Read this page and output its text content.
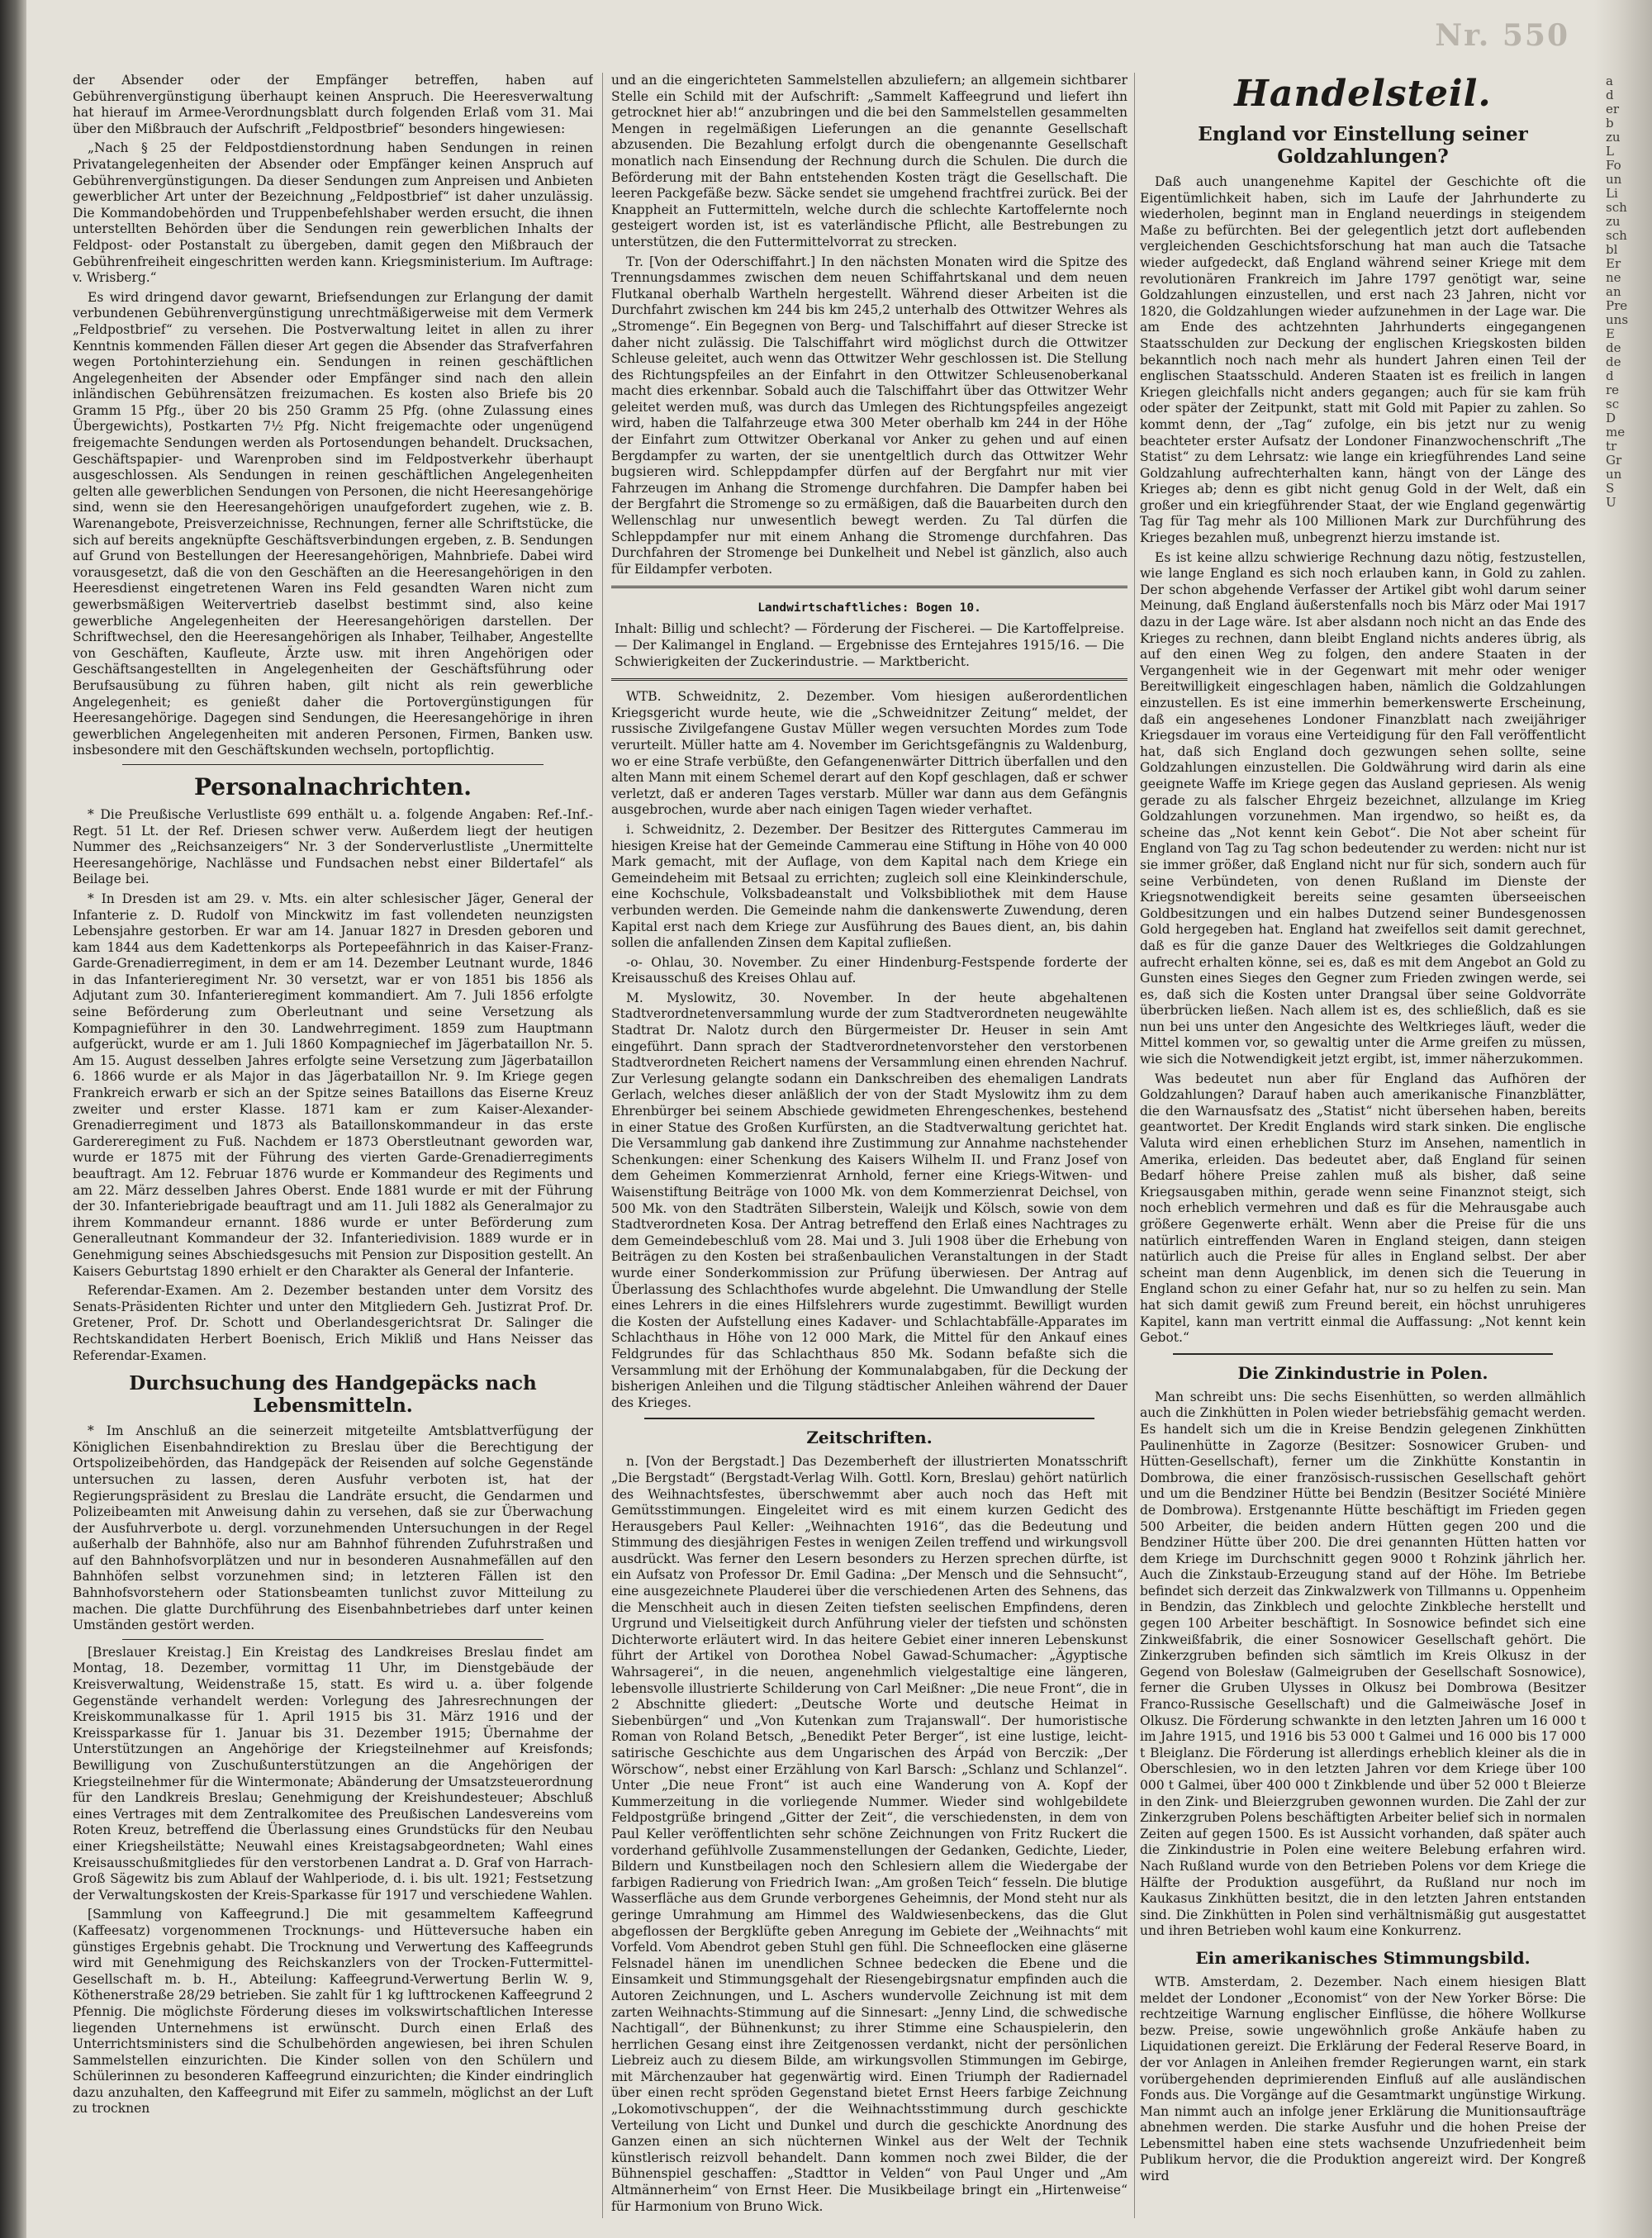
Nr. 550
a
d
er
b
zu
L
Fo
un
Li
sch
zu
sch
bl
Er
ne
an
Pre
uns
E
de
de
d
re
sc
D
me
tr
Gr
un
S
U

der Absender oder der Empfänger betreffen, haben auf Gebührenvergünstigung überhaupt keinen Anspruch. Die Heeresverwaltung hat hierauf im Armee-Verordnungsblatt durch folgenden Erlaß vom 31. Mai über den Mißbrauch der Aufschrift „Feldpostbrief“ besonders hingewiesen:

„Nach § 25 der Feldpostdienstordnung haben Sendungen in reinen Privatangelegenheiten der Absender oder Empfänger keinen Anspruch auf Gebührenvergünstigungen. Da dieser Sendungen zum Anpreisen und Anbieten gewerblicher Art unter der Bezeichnung „Feldpostbrief“ ist daher unzulässig. Die Kommandobehörden und Truppenbefehlshaber werden ersucht, die ihnen unterstellten Behörden über die Sendungen rein gewerblichen Inhalts der Feldpost- oder Postanstalt zu übergeben, damit gegen den Mißbrauch der Gebührenfreiheit eingeschritten werden kann. Kriegsministerium. Im Auftrage: v. Wrisberg.“

Es wird dringend davor gewarnt, Briefsendungen zur Erlangung der damit verbundenen Gebührenvergünstigung unrechtmäßigerweise mit dem Vermerk „Feldpostbrief“ zu versehen. Die Postverwaltung leitet in allen zu ihrer Kenntnis kommenden Fällen dieser Art gegen die Absender das Strafverfahren wegen Portohinterziehung ein. Sendungen in reinen geschäftlichen Angelegenheiten der Absender oder Empfänger sind nach den allein inländischen Gebührensätzen freizumachen. Es kosten also Briefe bis 20 Gramm 15 Pfg., über 20 bis 250 Gramm 25 Pfg. (ohne Zulassung eines Übergewichts), Postkarten 7½ Pfg. Nicht freigemachte oder ungenügend freigemachte Sendungen werden als Portosendungen behandelt. Drucksachen, Geschäftspapier- und Warenproben sind im Feldpostverkehr überhaupt ausgeschlossen. Als Sendungen in reinen geschäftlichen Angelegenheiten gelten alle gewerblichen Sendungen von Personen, die nicht Heeresangehörige sind, wenn sie den Heeresangehörigen unaufgefordert zugehen, wie z. B. Warenangebote, Preisverzeichnisse, Rechnungen, ferner alle Schriftstücke, die sich auf bereits angeknüpfte Geschäftsverbindungen ergeben, z. B. Sendungen auf Grund von Bestellungen der Heeresangehörigen, Mahnbriefe. Dabei wird vorausgesetzt, daß die von den Geschäften an die Heeresangehörigen in den Heeresdienst eingetretenen Waren ins Feld gesandten Waren nicht zum gewerbsmäßigen Weitervertrieb daselbst bestimmt sind, also keine gewerbliche Angelegenheiten der Heeresangehörigen darstellen. Der Schriftwechsel, den die Heeresangehörigen als Inhaber, Teilhaber, Angestellte von Geschäften, Kaufleute, Ärzte usw. mit ihren Angehörigen oder Geschäftsangestellten in Angelegenheiten der Geschäftsführung oder Berufsausübung zu führen haben, gilt nicht als rein gewerbliche Angelegenheit; es genießt daher die Portovergünstigungen für Heeresangehörige. Dagegen sind Sendungen, die Heeresangehörige in ihren gewerblichen Angelegenheiten mit anderen Personen, Firmen, Banken usw. insbesondere mit den Geschäftskunden wechseln, portopflichtig.

Personalnachrichten.

* Die Preußische Verlustliste 699 enthält u. a. folgende Angaben: Ref.-Inf.-Regt. 51 Lt. der Ref. Driesen schwer verw. Außerdem liegt der heutigen Nummer des „Reichsanzeigers“ Nr. 3 der Sonderverlustliste „Unermittelte Heeresangehörige, Nachlässe und Fundsachen nebst einer Bildertafel“ als Beilage bei.

* In Dresden ist am 29. v. Mts. ein alter schlesischer Jäger, General der Infanterie z. D. Rudolf von Minckwitz im fast vollendeten neunzigsten Lebensjahre gestorben. Er war am 14. Januar 1827 in Dresden geboren und kam 1844 aus dem Kadettenkorps als Portepeefähnrich in das Kaiser-Franz-Garde-Grenadierregiment, in dem er am 14. Dezember Leutnant wurde, 1846 in das Infanterieregiment Nr. 30 versetzt, war er von 1851 bis 1856 als Adjutant zum 30. Infanterieregiment kommandiert. Am 7. Juli 1856 erfolgte seine Beförderung zum Oberleutnant und seine Versetzung als Kompagnieführer in den 30. Landwehrregiment. 1859 zum Hauptmann aufgerückt, wurde er am 1. Juli 1860 Kompagniechef im Jägerbataillon Nr. 5. Am 15. August desselben Jahres erfolgte seine Versetzung zum Jägerbataillon 6. 1866 wurde er als Major in das Jägerbataillon Nr. 9. Im Kriege gegen Frankreich erwarb er sich an der Spitze seines Bataillons das Eiserne Kreuz zweiter und erster Klasse. 1871 kam er zum Kaiser-Alexander-Grenadierregiment und 1873 als Bataillonskommandeur in das erste Gardereregiment zu Fuß. Nachdem er 1873 Oberstleutnant geworden war, wurde er 1875 mit der Führung des vierten Garde-Grenadierregiments beauftragt. Am 12. Februar 1876 wurde er Kommandeur des Regiments und am 22. März desselben Jahres Oberst. Ende 1881 wurde er mit der Führung der 30. Infanteriebrigade beauftragt und am 11. Juli 1882 als Generalmajor zu ihrem Kommandeur ernannt. 1886 wurde er unter Beförderung zum Generalleutnant Kommandeur der 32. Infanteriedivision. 1889 wurde er in Genehmigung seines Abschiedsgesuchs mit Pension zur Disposition gestellt. An Kaisers Geburtstag 1890 erhielt er den Charakter als General der Infanterie.

Referendar-Examen. Am 2. Dezember bestanden unter dem Vorsitz des Senats-Präsidenten Richter und unter den Mitgliedern Geh. Justizrat Prof. Dr. Gretener, Prof. Dr. Schott und Oberlandesgerichtsrat Dr. Salinger die Rechtskandidaten Herbert Boenisch, Erich Mikliß und Hans Neisser das Referendar-Examen.

Durchsuchung des Handgepäcks nach Lebensmitteln.

* Im Anschluß an die seinerzeit mitgeteilte Amtsblattverfügung der Königlichen Eisenbahndirektion zu Breslau über die Berechtigung der Ortspolizeibehörden, das Handgepäck der Reisenden auf solche Gegenstände untersuchen zu lassen, deren Ausfuhr verboten ist, hat der Regierungspräsident zu Breslau die Landräte ersucht, die Gendarmen und Polizeibeamten mit Anweisung dahin zu versehen, daß sie zur Überwachung der Ausfuhrverbote u. dergl. vorzunehmenden Untersuchungen in der Regel außerhalb der Bahnhöfe, also nur am Bahnhof führenden Zufuhrstraßen und auf den Bahnhofsvorplätzen und nur in besonderen Ausnahmefällen auf den Bahnhöfen selbst vorzunehmen sind; in letzteren Fällen ist den Bahnhofsvorstehern oder Stationsbeamten tunlichst zuvor Mitteilung zu machen. Die glatte Durchführung des Eisenbahnbetriebes darf unter keinen Umständen gestört werden.

[Breslauer Kreistag.] Ein Kreistag des Landkreises Breslau findet am Montag, 18. Dezember, vormittag 11 Uhr, im Dienstgebäude der Kreisverwaltung, Weidenstraße 15, statt. Es wird u. a. über folgende Gegenstände verhandelt werden: Vorlegung des Jahresrechnungen der Kreiskommunalkasse für 1. April 1915 bis 31. März 1916 und der Kreissparkasse für 1. Januar bis 31. Dezember 1915; Übernahme der Unterstützungen an Angehörige der Kriegsteilnehmer auf Kreisfonds; Bewilligung von Zuschußunterstützungen an die Angehörigen der Kriegsteilnehmer für die Wintermonate; Abänderung der Umsatzsteuerordnung für den Landkreis Breslau; Genehmigung der Kreishundesteuer; Abschluß eines Vertrages mit dem Zentralkomitee des Preußischen Landesvereins vom Roten Kreuz, betreffend die Überlassung eines Grundstücks für den Neubau einer Kriegsheilstätte; Neuwahl eines Kreistagsabgeordneten; Wahl eines Kreisausschußmitgliedes für den verstorbenen Landrat a. D. Graf von Harrach-Groß Sägewitz bis zum Ablauf der Wahlperiode, d. i. bis ult. 1921; Festsetzung der Verwaltungskosten der Kreis-Sparkasse für 1917 und verschiedene Wahlen.

[Sammlung von Kaffeegrund.] Die mit gesammeltem Kaffeegrund (Kaffeesatz) vorgenommenen Trocknungs- und Hütteversuche haben ein günstiges Ergebnis gehabt. Die Trocknung und Verwertung des Kaffeegrunds wird mit Genehmigung des Reichskanzlers von der Trocken-Futtermittel-Gesellschaft m. b. H., Abteilung: Kaffeegrund-Verwertung Berlin W. 9, Köthenerstraße 28/29 betrieben. Sie zahlt für 1 kg lufttrockenen Kaffeegrund 2 Pfennig. Die möglichste Förderung dieses im volkswirtschaftlichen Interesse liegenden Unternehmens ist erwünscht. Durch einen Erlaß des Unterrichtsministers sind die Schulbehörden angewiesen, bei ihren Schulen Sammelstellen einzurichten. Die Kinder sollen von den Schülern und Schülerinnen zu besonderen Kaffeegrund einzurichten; die Kinder eindringlich dazu anzuhalten, den Kaffeegrund mit Eifer zu sammeln, möglichst an der Luft zu trocknen

und an die eingerichteten Sammelstellen abzuliefern; an allgemein sichtbarer Stelle ein Schild mit der Aufschrift: „Sammelt Kaffeegrund und liefert ihn getrocknet hier ab!“ anzubringen und die bei den Sammelstellen gesammelten Mengen in regelmäßigen Lieferungen an die genannte Gesellschaft abzusenden. Die Bezahlung erfolgt durch die obengenannte Gesellschaft monatlich nach Einsendung der Rechnung durch die Schulen. Die durch die Beförderung mit der Bahn entstehenden Kosten trägt die Gesellschaft. Die leeren Packgefäße bezw. Säcke sendet sie umgehend frachtfrei zurück. Bei der Knappheit an Futtermitteln, welche durch die schlechte Kartoffelernte noch gesteigert worden ist, ist es vaterländische Pflicht, alle Bestrebungen zu unterstützen, die den Futtermittelvorrat zu strecken.

Tr. [Von der Oderschiffahrt.] In den nächsten Monaten wird die Spitze des Trennungsdammes zwischen dem neuen Schiffahrtskanal und dem neuen Flutkanal oberhalb Wartheln hergestellt. Während dieser Arbeiten ist die Durchfahrt zwischen km 244 bis km 245,2 unterhalb des Ottwitzer Wehres als „Stromenge“. Ein Begegnen von Berg- und Talschiffahrt auf dieser Strecke ist daher nicht zulässig. Die Talschiffahrt wird möglichst durch die Ottwitzer Schleuse geleitet, auch wenn das Ottwitzer Wehr geschlossen ist. Die Stellung des Richtungspfeiles an der Einfahrt in den Ottwitzer Schleusenoberkanal macht dies erkennbar. Sobald auch die Talschiffahrt über das Ottwitzer Wehr geleitet werden muß, was durch das Umlegen des Richtungspfeiles angezeigt wird, haben die Talfahrzeuge etwa 300 Meter oberhalb km 244 in der Höhe der Einfahrt zum Ottwitzer Oberkanal vor Anker zu gehen und auf einen Bergdampfer zu warten, der sie unentgeltlich durch das Ottwitzer Wehr bugsieren wird. Schleppdampfer dürfen auf der Bergfahrt nur mit vier Fahrzeugen im Anhang die Stromenge durchfahren. Die Dampfer haben bei der Bergfahrt die Stromenge so zu ermäßigen, daß die Bauarbeiten durch den Wellenschlag nur unwesentlich bewegt werden. Zu Tal dürfen die Schleppdampfer nur mit einem Anhang die Stromenge durchfahren. Das Durchfahren der Stromenge bei Dunkelheit und Nebel ist gänzlich, also auch für Eildampfer verboten.

Landwirtschaftliches: Bogen 10.

Inhalt: Billig und schlecht? — Förderung der Fischerei. — Die Kartoffelpreise. — Der Kalimangel in England. — Ergebnisse des Erntejahres 1915/16. — Die Schwierigkeiten der Zuckerindustrie. — Marktbericht.

WTB. Schweidnitz, 2. Dezember. Vom hiesigen außerordentlichen Kriegsgericht wurde heute, wie die „Schweidnitzer Zeitung“ meldet, der russische Zivilgefangene Gustav Müller wegen versuchten Mordes zum Tode verurteilt. Müller hatte am 4. November im Gerichtsgefängnis zu Waldenburg, wo er eine Strafe verbüßte, den Gefangenenwärter Dittrich überfallen und den alten Mann mit einem Schemel derart auf den Kopf geschlagen, daß er schwer verletzt, daß er anderen Tages verstarb. Müller war dann aus dem Gefängnis ausgebrochen, wurde aber nach einigen Tagen wieder verhaftet.

i. Schweidnitz, 2. Dezember. Der Besitzer des Rittergutes Cammerau im hiesigen Kreise hat der Gemeinde Cammerau eine Stiftung in Höhe von 40 000 Mark gemacht, mit der Auflage, von dem Kapital nach dem Kriege ein Gemeindeheim mit Betsaal zu errichten; zugleich soll eine Kleinkinderschule, eine Kochschule, Volksbadeanstalt und Volksbibliothek mit dem Hause verbunden werden. Die Gemeinde nahm die dankenswerte Zuwendung, deren Kapital erst nach dem Kriege zur Ausführung des Baues dient, an, bis dahin sollen die anfallenden Zinsen dem Kapital zufließen.

-o- Ohlau, 30. November. Zu einer Hindenburg-Festspende forderte der Kreisausschuß des Kreises Ohlau auf.

M. Myslowitz, 30. November. In der heute abgehaltenen Stadtverordnetenversammlung wurde der zum Stadtverordneten neugewählte Stadtrat Dr. Nalotz durch den Bürgermeister Dr. Heuser in sein Amt eingeführt. Dann sprach der Stadtverordnetenvorsteher den verstorbenen Stadtverordneten Reichert namens der Versammlung einen ehrenden Nachruf. Zur Verlesung gelangte sodann ein Dankschreiben des ehemaligen Landrats Gerlach, welches dieser anläßlich der von der Stadt Myslowitz ihm zu dem Ehrenbürger bei seinem Abschiede gewidmeten Ehrengeschenkes, bestehend in einer Statue des Großen Kurfürsten, an die Stadtverwaltung gerichtet hat. Die Versammlung gab dankend ihre Zustimmung zur Annahme nachstehender Schenkungen: einer Schenkung des Kaisers Wilhelm II. und Franz Josef von dem Geheimen Kommerzienrat Arnhold, ferner eine Kriegs-Witwen- und Waisenstiftung Beiträge von 1000 Mk. von dem Kommerzienrat Deichsel, von 500 Mk. von den Stadträten Silberstein, Waleijk und Kölsch, sowie von dem Stadtverordneten Kosa. Der Antrag betreffend den Erlaß eines Nachtrages zu dem Gemeindebeschluß vom 28. Mai und 3. Juli 1908 über die Erhebung von Beiträgen zu den Kosten bei straßenbaulichen Veranstaltungen in der Stadt wurde einer Sonderkommission zur Prüfung überwiesen. Der Antrag auf Überlassung des Schlachthofes wurde abgelehnt. Die Umwandlung der Stelle eines Lehrers in die eines Hilfslehrers wurde zugestimmt. Bewilligt wurden die Kosten der Aufstellung eines Kadaver- und Schlachtabfälle-Apparates im Schlachthaus in Höhe von 12 000 Mark, die Mittel für den Ankauf eines Feldgrundes für das Schlachthaus 850 Mk. Sodann befaßte sich die Versammlung mit der Erhöhung der Kommunalabgaben, für die Deckung der bisherigen Anleihen und die Tilgung städtischer Anleihen während der Dauer des Krieges.

Zeitschriften.

n. [Von der Bergstadt.] Das Dezemberheft der illustrierten Monatsschrift „Die Bergstadt“ (Bergstadt-Verlag Wilh. Gottl. Korn, Breslau) gehört natürlich des Weihnachtsfestes, überschwemmt aber auch noch das Heft mit Gemütsstimmungen. Eingeleitet wird es mit einem kurzen Gedicht des Herausgebers Paul Keller: „Weihnachten 1916“, das die Bedeutung und Stimmung des diesjährigen Festes in wenigen Zeilen treffend und wirkungsvoll ausdrückt. Was ferner den Lesern besonders zu Herzen sprechen dürfte, ist ein Aufsatz von Professor Dr. Emil Gadina: „Der Mensch und die Sehnsucht“, eine ausgezeichnete Plauderei über die verschiedenen Arten des Sehnens, das die Menschheit auch in diesen Zeiten tiefsten seelischen Empfindens, deren Urgrund und Vielseitigkeit durch Anführung vieler der tiefsten und schönsten Dichterworte erläutert wird. In das heitere Gebiet einer inneren Lebenskunst führt der Artikel von Dorothea Nobel Gawad-Schumacher: „Ägyptische Wahrsagerei“, in die neuen, angenehmlich vielgestaltige eine längeren, lebensvolle illustrierte Schilderung von Carl Meißner: „Die neue Front“, die in 2 Abschnitte gliedert: „Deutsche Worte und deutsche Heimat in Siebenbürgen“ und „Von Kutenkan zum Trajanswall“. Der humoristische Roman von Roland Betsch, „Benedikt Peter Berger“, ist eine lustige, leicht-satirische Geschichte aus dem Ungarischen des Árpád von Berczik: „Der Wörschow“, nebst einer Erzählung von Karl Barsch: „Schlanz und Schlanzel“. Unter „Die neue Front“ ist auch eine Wanderung von A. Kopf der Kummerzeitung in die vorliegende Nummer. Wieder sind wohlgebildete Feldpostgrüße bringend „Gitter der Zeit“, die verschiedensten, in dem von Paul Keller veröffentlichten sehr schöne Zeichnungen von Fritz Ruckert die vorderhand gefühlvolle Zusammenstellungen der Gedanken, Gedichte, Lieder, Bildern und Kunstbeilagen noch den Schlesiern allem die Wiedergabe der farbigen Radierung von Friedrich Iwan: „Am großen Teich“ fesseln. Die blutige Wasserfläche aus dem Grunde verborgenes Geheimnis, der Mond steht nur als geringe Umrahmung am Himmel des Waldwiesenbeckens, das die Glut abgeflossen der Bergklüfte geben Anregung im Gebiete der „Weihnachts“ mit Vorfeld. Vom Abendrot geben Stuhl gen fühl. Die Schneeflocken eine gläserne Felsnadel hänen im unendlichen Schnee bedecken die Ebene und die Einsamkeit und Stimmungsgehalt der Riesengebirgsnatur empfinden auch die Autoren Zeichnungen, und L. Aschers wundervolle Zeichnung ist mit dem zarten Weihnachts-Stimmung auf die Sinnesart: „Jenny Lind, die schwedische Nachtigall“, der Bühnenkunst; zu ihrer Stimme eine Schauspielerin, den herrlichen Gesang einst ihre Zeitgenossen verdankt, nicht der persönlichen Liebreiz auch zu diesem Bilde, am wirkungsvollen Stimmungen im Gebirge, mit Märchenzauber hat gegenwärtig wird. Einen Triumph der Radiernadel über einen recht spröden Gegenstand bietet Ernst Heers farbige Zeichnung „Lokomotivschuppen“, der die Weihnachtsstimmung durch geschickte Verteilung von Licht und Dunkel und durch die geschickte Anordnung des Ganzen einen an sich nüchternen Winkel aus der Welt der Technik künstlerisch reizvoll behandelt. Dann kommen noch zwei Bilder, die der Bühnenspiel geschaffen: „Stadttor in Velden“ von Paul Unger und „Am Altmännerheim“ von Ernst Heer. Die Musikbeilage bringt ein „Hirtenweise“ für Harmonium von Bruno Wick.

Handelsteil.
England vor Einstellung seiner Goldzahlungen?

Daß auch unangenehme Kapitel der Geschichte oft die Eigentümlichkeit haben, sich im Laufe der Jahrhunderte zu wiederholen, beginnt man in England neuerdings in steigendem Maße zu befürchten. Bei der gelegentlich jetzt dort auflebenden vergleichenden Geschichtsforschung hat man auch die Tatsache wieder aufgedeckt, daß England während seiner Kriege mit dem revolutionären Frankreich im Jahre 1797 genötigt war, seine Goldzahlungen einzustellen, und erst nach 23 Jahren, nicht vor 1820, die Goldzahlungen wieder aufzunehmen in der Lage war. Die am Ende des achtzehnten Jahrhunderts eingegangenen Staatsschulden zur Deckung der englischen Kriegskosten bilden bekanntlich noch nach mehr als hundert Jahren einen Teil der englischen Staatsschuld. Anderen Staaten ist es freilich in langen Kriegen gleichfalls nicht anders gegangen; auch für sie kam früh oder später der Zeitpunkt, statt mit Gold mit Papier zu zahlen. So kommt denn, der „Tag“ zufolge, ein bis jetzt nur zu wenig beachteter erster Aufsatz der Londoner Finanzwochenschrift „The Statist“ zu dem Lehrsatz: wie lange ein kriegführendes Land seine Goldzahlung aufrechterhalten kann, hängt von der Länge des Krieges ab; denn es gibt nicht genug Gold in der Welt, daß ein großer und ein kriegführender Staat, der wie England gegenwärtig Tag für Tag mehr als 100 Millionen Mark zur Durchführung des Krieges bezahlen muß, unbegrenzt hierzu imstande ist.

Es ist keine allzu schwierige Rechnung dazu nötig, festzustellen, wie lange England es sich noch erlauben kann, in Gold zu zahlen. Der schon abgehende Verfasser der Artikel gibt wohl darum seiner Meinung, daß England äußerstenfalls noch bis März oder Mai 1917 dazu in der Lage wäre. Ist aber alsdann noch nicht an das Ende des Krieges zu rechnen, dann bleibt England nichts anderes übrig, als auf den einen Weg zu folgen, den andere Staaten in der Vergangenheit wie in der Gegenwart mit mehr oder weniger Bereitwilligkeit eingeschlagen haben, nämlich die Goldzahlungen einzustellen. Es ist eine immerhin bemerkenswerte Erscheinung, daß ein angesehenes Londoner Finanzblatt nach zweijähriger Kriegsdauer im voraus eine Verteidigung für den Fall veröffentlicht hat, daß sich England doch gezwungen sehen sollte, seine Goldzahlungen einzustellen. Die Goldwährung wird darin als eine geeignete Waffe im Kriege gegen das Ausland gepriesen. Als wenig gerade zu als falscher Ehrgeiz bezeichnet, allzulange im Krieg Goldzahlungen vorzunehmen. Man irgendwo, so heißt es, da scheine das „Not kennt kein Gebot“. Die Not aber scheint für England von Tag zu Tag schon bedeutender zu werden: nicht nur ist sie immer größer, daß England nicht nur für sich, sondern auch für seine Verbündeten, von denen Rußland im Dienste der Kriegsnotwendigkeit bereits seine gesamten überseeischen Goldbesitzungen und ein halbes Dutzend seiner Bundesgenossen Gold hergegeben hat. England hat zweifellos seit damit gerechnet, daß es für die ganze Dauer des Weltkrieges die Goldzahlungen aufrecht erhalten könne, sei es, daß es mit dem Angebot an Gold zu Gunsten eines Sieges den Gegner zum Frieden zwingen werde, sei es, daß sich die Kosten unter Drangsal über seine Goldvorräte überbrücken ließen. Nach allem ist es, des schließlich, daß es sie nun bei uns unter den Angesichte des Weltkrieges läuft, weder die Mittel kommen vor, so gewaltig unter die Arme greifen zu müssen, wie sich die Notwendigkeit jetzt ergibt, ist, immer näherzukommen.

Was bedeutet nun aber für England das Aufhören der Goldzahlungen? Darauf haben auch amerikanische Finanzblätter, die den Warnausfsatz des „Statist“ nicht übersehen haben, bereits geantwortet. Der Kredit Englands wird stark sinken. Die englische Valuta wird einen erheblichen Sturz im Ansehen, namentlich in Amerika, erleiden. Das bedeutet aber, daß England für seinen Bedarf höhere Preise zahlen muß als bisher, daß seine Kriegsausgaben mithin, gerade wenn seine Finanznot steigt, sich noch erheblich vermehren und daß es für die Mehrausgabe auch größere Gegenwerte erhält. Wenn aber die Preise für die uns natürlich eintreffenden Waren in England steigen, dann steigen natürlich auch die Preise für alles in England selbst. Der aber scheint man denn Augenblick, im denen sich die Teuerung in England schon zu einer Gefahr hat, nur so zu helfen zu sein. Man hat sich damit gewiß zum Freund bereit, ein höchst unruhigeres Kapitel, kann man vertritt einmal die Auffassung: „Not kennt kein Gebot.“

Die Zinkindustrie in Polen.

Man schreibt uns: Die sechs Eisenhütten, so werden allmählich auch die Zinkhütten in Polen wieder betriebsfähig gemacht werden. Es handelt sich um die in Kreise Bendzin gelegenen Zinkhütten Paulinenhütte in Zagorze (Besitzer: Sosnowicer Gruben- und Hütten-Gesellschaft), ferner um die Zinkhütte Konstantin in Dombrowa, die einer französisch-russischen Gesellschaft gehört und um die Bendziner Hütte bei Bendzin (Besitzer Société Minière de Dombrowa). Erstgenannte Hütte beschäftigt im Frieden gegen 500 Arbeiter, die beiden andern Hütten gegen 200 und die Bendziner Hütte über 200. Die drei genannten Hütten hatten vor dem Kriege im Durchschnitt gegen 9000 t Rohzink jährlich her. Auch die Zinkstaub-Erzeugung stand auf der Höhe. Im Betriebe befindet sich derzeit das Zinkwalzwerk von Tillmanns u. Oppenheim in Bendzin, das Zinkblech und gelochte Zinkbleche herstellt und gegen 100 Arbeiter beschäftigt. In Sosnowice befindet sich eine Zinkweißfabrik, die einer Sosnowicer Gesellschaft gehört. Die Zinkerzgruben befinden sich sämtlich im Kreis Olkusz in der Gegend von Bolesław (Galmeigruben der Gesellschaft Sosnowice), ferner die Gruben Ulysses in Olkusz bei Dombrowa (Besitzer Franco-Russische Gesellschaft) und die Galmeiwäsche Josef in Olkusz. Die Förderung schwankte in den letzten Jahren um 16 000 t im Jahre 1915, und 1916 bis 53 000 t Galmei und 16 000 bis 17 000 t Bleiglanz. Die Förderung ist allerdings erheblich kleiner als die in Oberschlesien, wo in den letzten Jahren vor dem Kriege über 100 000 t Galmei, über 400 000 t Zinkblende und über 52 000 t Bleierze in den Zink- und Bleierzgruben gewonnen wurden. Die Zahl der zur Zinkerzgruben Polens beschäftigten Arbeiter belief sich in normalen Zeiten auf gegen 1500. Es ist Aussicht vorhanden, daß später auch die Zinkindustrie in Polen eine weitere Belebung erfahren wird. Nach Rußland wurde von den Betrieben Polens vor dem Kriege die Hälfte der Produktion ausgeführt, da Rußland nur noch im Kaukasus Zinkhütten besitzt, die in den letzten Jahren entstanden sind. Die Zinkhütten in Polen sind verhältnismäßig gut ausgestattet und ihren Betrieben wohl kaum eine Konkurrenz.

Ein amerikanisches Stimmungsbild.

WTB. Amsterdam, 2. Dezember. Nach einem hiesigen Blatt meldet der Londoner „Economist“ von der New Yorker Börse: Die rechtzeitige Warnung englischer Einflüsse, die höhere Wollkurse bezw. Preise, sowie ungewöhnlich große Ankäufe haben zu Liquidationen gereizt. Die Erklärung der Federal Reserve Board, in der vor Anlagen in Anleihen fremder Regierungen warnt, ein stark vorübergehenden deprimierenden Einfluß auf alle ausländischen Fonds aus. Die Vorgänge auf die Gesamtmarkt ungünstige Wirkung. Man nimmt auch an infolge jener Erklärung die Munitionsaufträge abnehmen werden. Die starke Ausfuhr und die hohen Preise der Lebensmittel haben eine stets wachsende Unzufriedenheit beim Publikum hervor, die die Produktion angereizt wird. Der Kongreß wird
